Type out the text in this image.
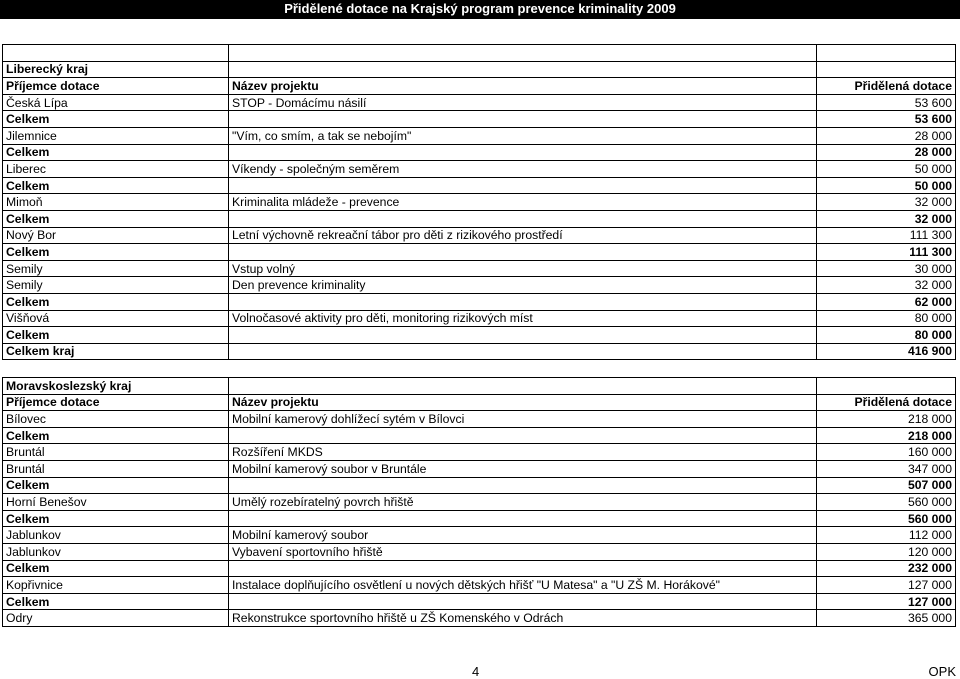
Přidělené dotace na Krajský program prevence kriminality 2009

Liberecký kraj		
Příjemce dotace	Název projektu	Přidělená dotace
Česká Lípa	STOP - Domácímu násilí	53 600
Celkem		53 600
Jilemnice	"Vím, co smím, a tak se nebojím"	28 000
Celkem		28 000
Liberec	Víkendy - společným seměrem	50 000
Celkem		50 000
Mimoň	Kriminalita mládeže - prevence	32 000
Celkem		32 000
Nový Bor	Letní výchovně rekreační tábor pro děti z rizikového prostředí	111 300
Celkem		111 300
Semily	Vstup volný	30 000
Semily	Den prevence kriminality	32 000
Celkem		62 000
Višňová	Volnočasové aktivity pro děti, monitoring rizikových míst	80 000
Celkem		80 000
Celkem kraj		416 900
Moravskoslezský kraj		
Příjemce dotace	Název projektu	Přidělená dotace
Bílovec	Mobilní kamerový dohlížecí sytém v Bílovci	218 000
Celkem		218 000
Bruntál	Rozšíření MKDS	160 000
Bruntál	Mobilní kamerový soubor v Bruntále	347 000
Celkem		507 000
Horní Benešov	Umělý rozebíratelný povrch hřiště	560 000
Celkem		560 000
Jablunkov	Mobilní kamerový soubor	112 000
Jablunkov	Vybavení sportovního hřiště	120 000
Celkem		232 000
Kopřivnice	Instalace doplňujícího osvětlení u nových dětských hřišť "U Matesa" a "U ZŠ M. Horákové"	127 000
Celkem		127 000
Odry	Rekonstrukce sportovního hřiště u ZŠ Komenského v Odrách	365 000
4	OPK
